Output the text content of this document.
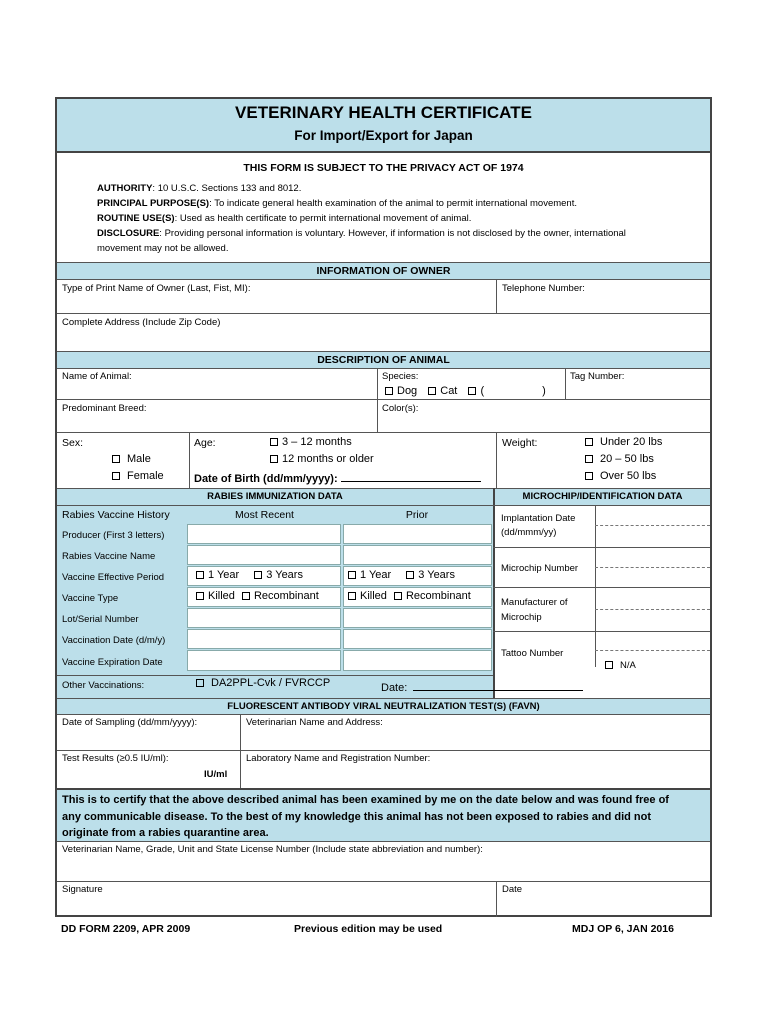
VETERINARY HEALTH CERTIFICATE
For Import/Export for Japan
THIS FORM IS SUBJECT TO THE PRIVACY ACT OF 1974
AUTHORITY: 10 U.S.C. Sections 133 and 8012.
PRINCIPAL PURPOSE(S): To indicate general health examination of the animal to permit international movement.
ROUTINE USE(S): Used as health certificate to permit international movement of animal.
DISCLOSURE: Providing personal information is voluntary. However, if information is not disclosed by the owner, international
movement may not be allowed.
INFORMATION OF OWNER
Type of Print Name of Owner (Last, Fist, MI):	Telephone Number:
Complete Address (Include Zip Code)
DESCRIPTION OF ANIMAL
Name of Animal:	Species:	Tag Number:
Dog Cat (	)
Predominant Breed:	Color(s):
Sex:
Male
Female
Age:	3 – 12 months
12 months or older
Date of Birth (dd/mm/yyyy):
Weight:	Under 20 lbs
20 – 50 lbs
Over 50 lbs
RABIES IMMUNIZATION DATA	MICROCHIP/IDENTIFICATION DATA
Rabies Vaccine History	Most Recent	Prior
Producer (First 3 letters)
Rabies Vaccine Name
Vaccine Effective Period	1 Year 3 Years	1 Year 3 Years
Vaccine Type	Killed Recombinant	Killed Recombinant
Lot/Serial Number
Vaccination Date (d/m/y)
Vaccine Expiration Date
Other Vaccinations:	DA2PPL-Cvk / FVRCCP	Date:
Implantation Date
(dd/mmm/yy)
Microchip Number
Manufacturer of
Microchip
Tattoo Number
N/A
FLUORESCENT ANTIBODY VIRAL NEUTRALIZATION TEST(S) (FAVN)
Date of Sampling (dd/mm/yyyy):	Veterinarian Name and Address:
Test Results (≥0.5 IU/ml):
IU/ml
Laboratory Name and Registration Number:
This is to certify that the above described animal has been examined by me on the date below and was found free of
any communicable disease. To the best of my knowledge this animal has not been exposed to rabies and did not
originate from a rabies quarantine area.
Veterinarian Name, Grade, Unit and State License Number (Include state abbreviation and number):
Signature	Date
DD FORM 2209, APR 2009	Previous edition may be used	MDJ OP 6, JAN 2016
